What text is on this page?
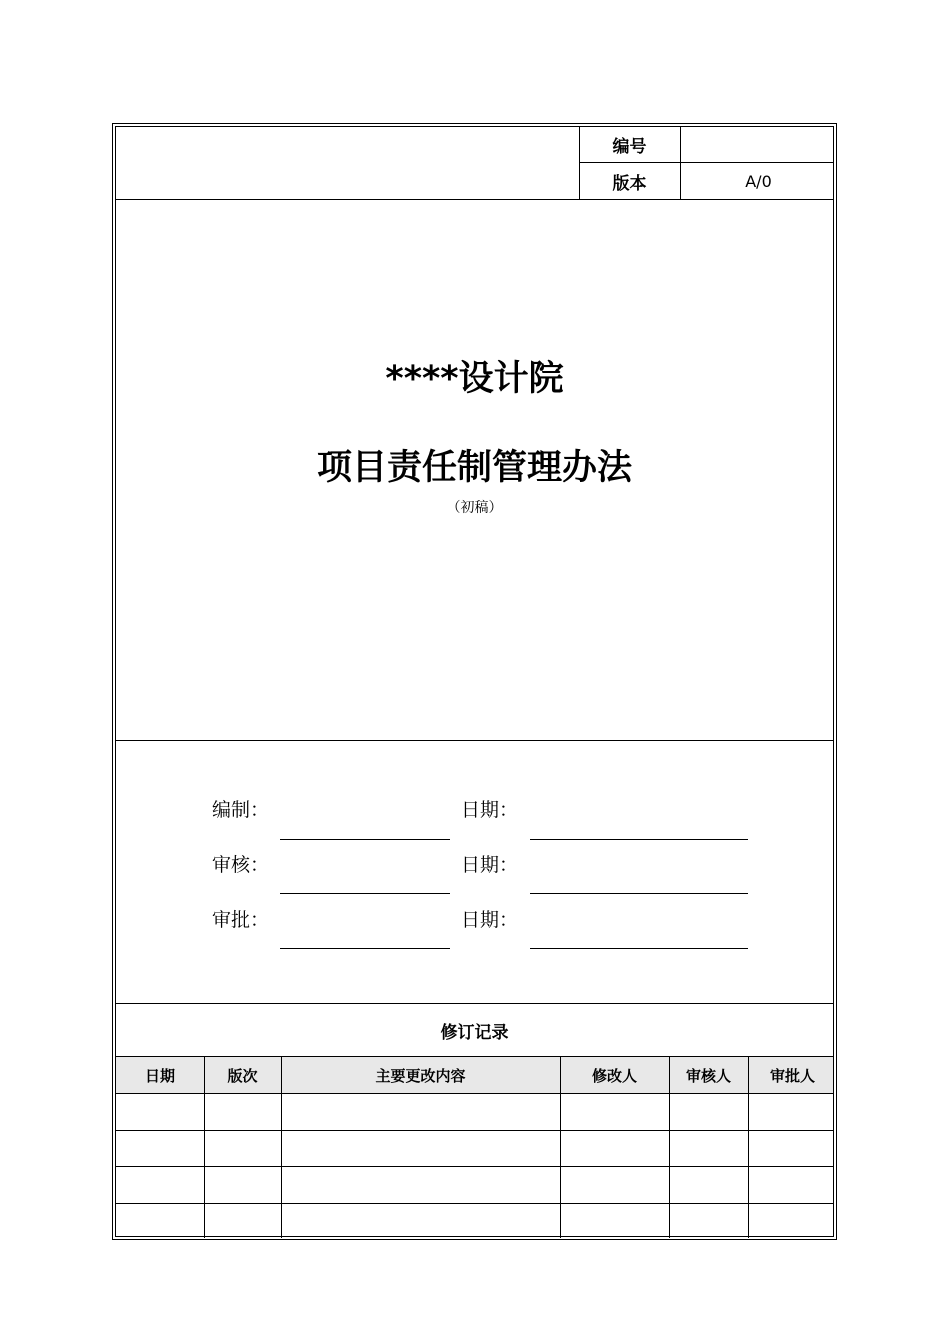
编号
版本	A/0
****设计院
项目责任制管理办法
（初稿）
编制：	日期：
审核：	日期：
审批：	日期：
修订记录
日期	版次	主要更改内容	修改人	审核人	审批人
